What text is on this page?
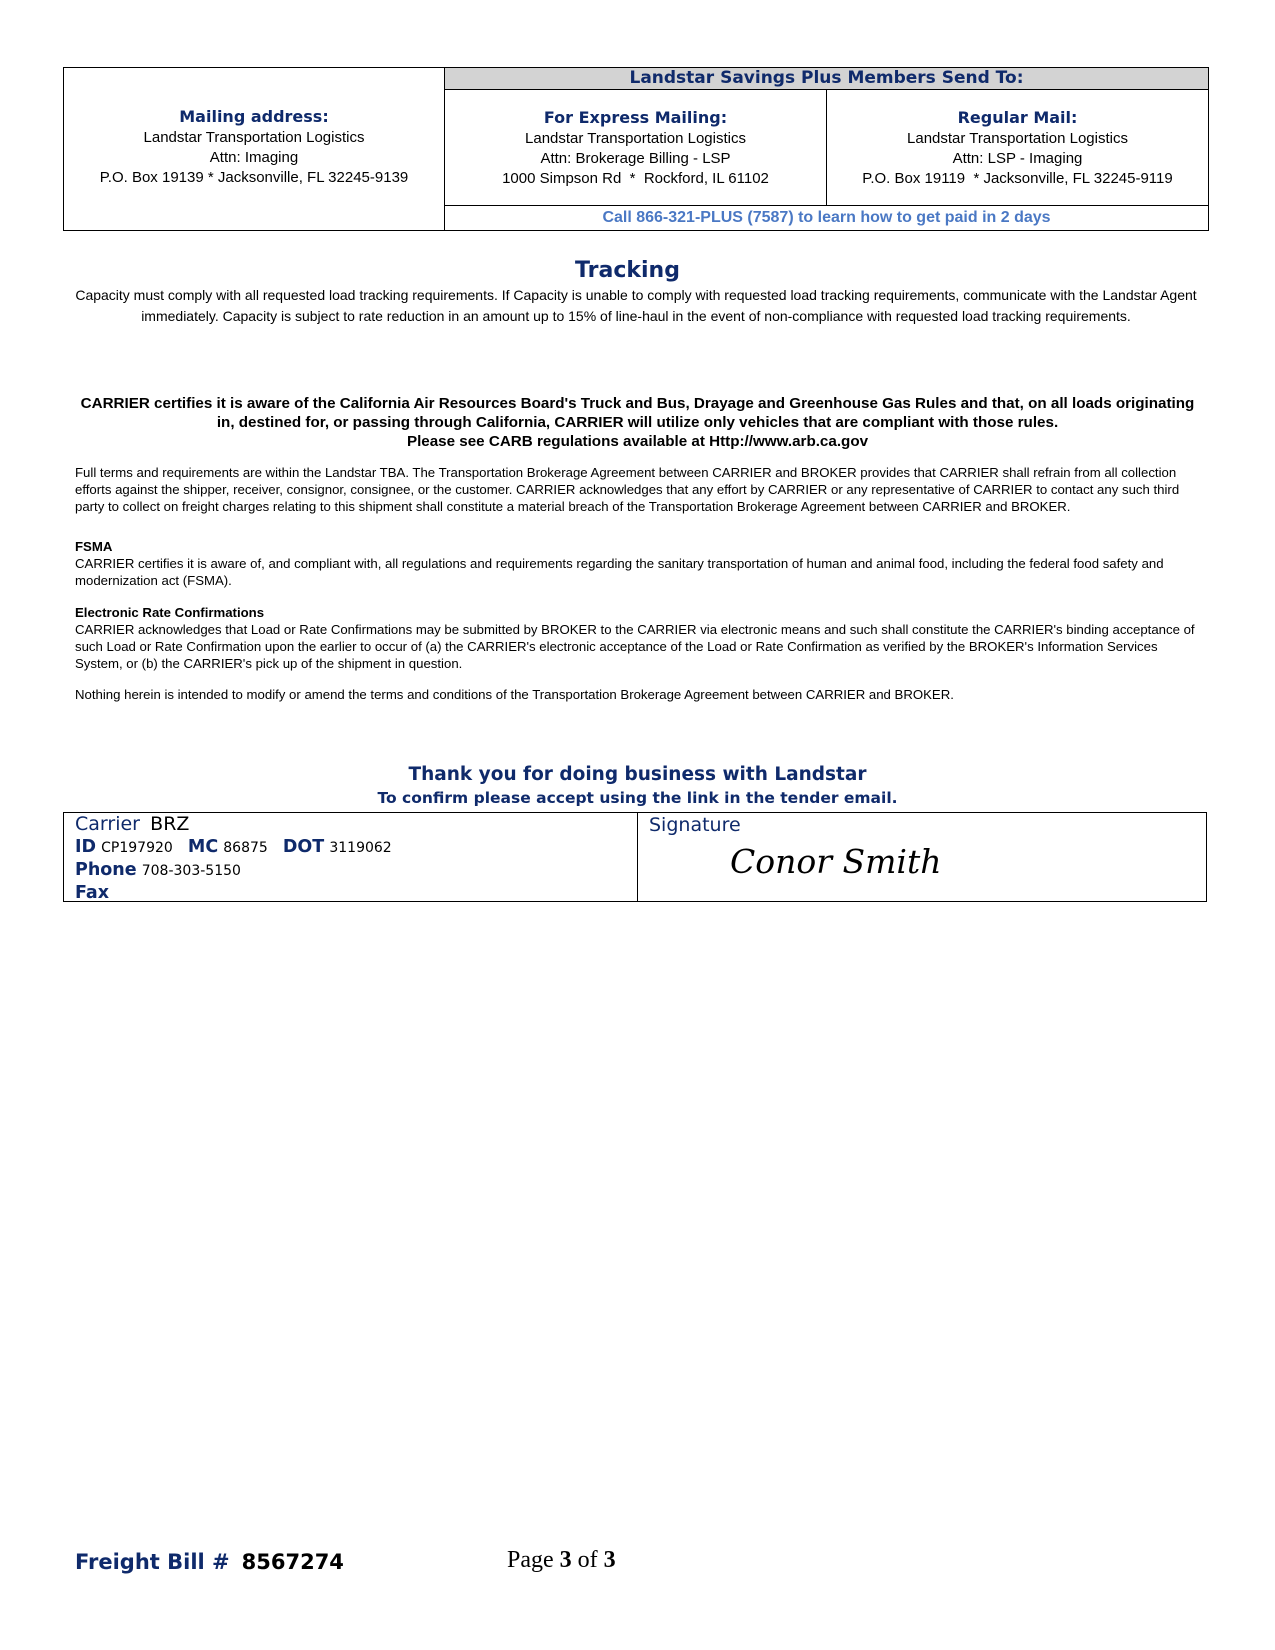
Mailing address:
Landstar Transportation Logistics
Attn: Imaging
P.O. Box 19139 * Jacksonville, FL 32245-9139
Landstar Savings Plus Members Send To:
For Express Mailing:
Landstar Transportation Logistics
Attn: Brokerage Billing - LSP
1000 Simpson Rd  *  Rockford, IL 61102
Regular Mail:
Landstar Transportation Logistics
Attn: LSP - Imaging
P.O. Box 19119  * Jacksonville, FL 32245-9119
Call 866-321-PLUS (7587) to learn how to get paid in 2 days
Tracking
Capacity must comply with all requested load tracking requirements. If Capacity is unable to comply with requested load tracking requirements, communicate with the Landstar Agent immediately. Capacity is subject to rate reduction in an amount up to 15% of line-haul in the event of non-compliance with requested load tracking requirements.
CARRIER certifies it is aware of the California Air Resources Board's Truck and Bus, Drayage and Greenhouse Gas Rules and that, on all loads originating in, destined for, or passing through California, CARRIER will utilize only vehicles that are compliant with those rules.
Please see CARB regulations available at Http://www.arb.ca.gov
Full terms and requirements are within the Landstar TBA. The Transportation Brokerage Agreement between CARRIER and BROKER provides that CARRIER shall refrain from all collection efforts against the shipper, receiver, consignor, consignee, or the customer. CARRIER acknowledges that any effort by CARRIER or any representative of CARRIER to contact any such third party to collect on freight charges relating to this shipment shall constitute a material breach of the Transportation Brokerage Agreement between CARRIER and BROKER.
FSMA
CARRIER certifies it is aware of, and compliant with, all regulations and requirements regarding the sanitary transportation of human and animal food, including the federal food safety and modernization act (FSMA).
Electronic Rate Confirmations
CARRIER acknowledges that Load or Rate Confirmations may be submitted by BROKER to the CARRIER via electronic means and such shall constitute the CARRIER's binding acceptance of such Load or Rate Confirmation upon the earlier to occur of (a) the CARRIER's electronic acceptance of the Load or Rate Confirmation as verified by the BROKER's Information Services System, or (b) the CARRIER's pick up of the shipment in question.
Nothing herein is intended to modify or amend the terms and conditions of the Transportation Brokerage Agreement between CARRIER and BROKER.
Thank you for doing business with Landstar
To confirm please accept using the link in the tender email.
Carrier BRZ
ID CP197920 MC 86875 DOT 3119062
Phone 708-303-5150
Fax
Signature
Conor Smith
Freight Bill # 8567274	Page 3 of 3
